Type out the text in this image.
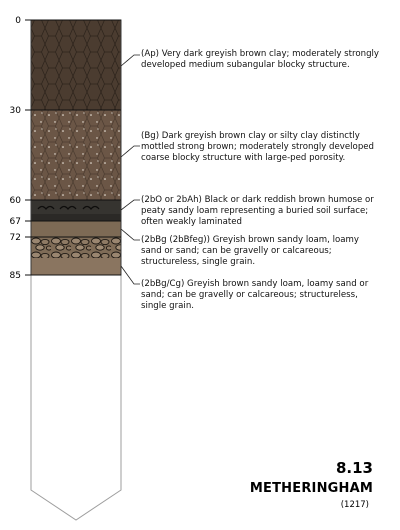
0
30
60
67
72
85
(Ap) Very dark greyish brown clay; moderately strongly developed medium subangular blocky structure.
(Bg) Dark greyish brown clay or silty clay distinctly mottled strong brown; moderately strongly developed coarse blocky structure with large-ped porosity.
(2bO or 2bAh) Black or dark reddish brown humose or peaty sandy loam representing a buried soil surface; often weakly laminated
(2bBg (2bBfeg)) Greyish brown sandy loam, loamy sand or sand; can be gravelly or calcareous; structureless, single grain.
(2bBg/Cg) Greyish brown sandy loam, loamy sand or sand; can be gravelly or calcareous; structureless, single grain.
8.13
METHERINGHAM
(1217)
